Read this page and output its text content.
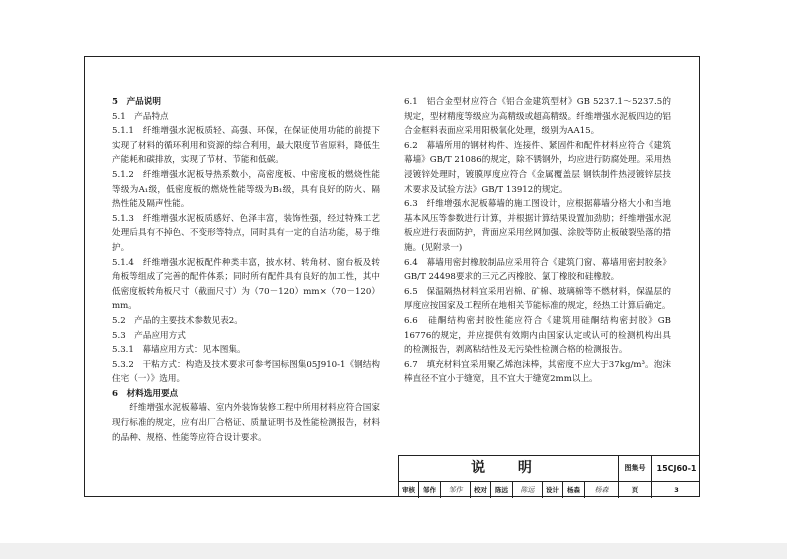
5　产品说明

5.1　产品特点

5.1.1　纤维增强水泥板质轻、高强、环保，在保证使用功能的前提下实现了材料的循环利用和资源的综合利用，最大限度节省原料，降低生产能耗和碳排放，实现了节材、节能和低碳。

5.1.2　纤维增强水泥板导热系数小，高密度板、中密度板的燃烧性能等级为A₁级，低密度板的燃烧性能等级为B₁级，具有良好的防火、隔热性能及隔声性能。

5.1.3　纤维增强水泥板质感好、色泽丰富，装饰性强，经过特殊工艺处理后具有不掉色、不变形等特点，同时具有一定的自洁功能，易于维护。

5.1.4　纤维增强水泥板配件种类丰富，披水材、转角材、窗台板及转角板等组成了完善的配件体系；同时所有配件具有良好的加工性，其中低密度板转角板尺寸（截面尺寸）为（70－120）mm×（70－120）mm。

5.2　产品的主要技术参数见表2。

5.3　产品应用方式

5.3.1　幕墙应用方式：见本图集。

5.3.2　干粘方式：构造及技术要求可参考国标图集05J910-1《钢结构住宅（一）》选用。

6　材料选用要点

纤维增强水泥板幕墙、室内外装饰装修工程中所用材料应符合国家现行标准的规定，应有出厂合格证、质量证明书及性能检测报告，材料的品种、规格、性能等应符合设计要求。

6.1　铝合金型材应符合《铝合金建筑型材》GB 5237.1～5237.5的规定，型材精度等级应为高精级或超高精级。纤维增强水泥板四边的铝合金框料表面应采用阳极氧化处理，级别为AA15。

6.2　幕墙所用的钢材构件、连接件、紧固件和配件材料应符合《建筑幕墙》GB/T 21086的规定，除不锈钢外，均应进行防腐处理。采用热浸镀锌处理时，镀膜厚度应符合《金属覆盖层 钢铁制件热浸镀锌层技术要求及试验方法》GB/T 13912的规定。

6.3　纤维增强水泥板幕墙的施工图设计，应根据幕墙分格大小和当地基本风压等参数进行计算，并根据计算结果设置加劲肋；纤维增强水泥板应进行表面防护，背面应采用丝网加强、涂胶等防止板破裂坠落的措施。(见附录一)

6.4　幕墙用密封橡胶制品应采用符合《建筑门窗、幕墙用密封胶条》GB/T 24498要求的三元乙丙橡胶、氯丁橡胶和硅橡胶。

6.5　保温隔热材料宜采用岩棉、矿棉、玻璃棉等不燃材料，保温层的厚度应按国家及工程所在地相关节能标准的规定，经热工计算后确定。

6.6　硅酮结构密封胶性能应符合《建筑用硅酮结构密封胶》GB 16776的规定，并应提供有效期内由国家认定或认可的检测机构出具的检测报告，剥离粘结性及无污染性检测合格的检测报告。

6.7　填充材料宜采用聚乙烯泡沫棒，其密度不应大于37kg/m³。泡沫棒直径不宜小于缝宽，且不宜大于缝宽2mm以上。

说 明	图集号	15CJ60-1
审核	邹作	邹作	校对	陈远	陈远	设计	杨森	杨森	页	3
